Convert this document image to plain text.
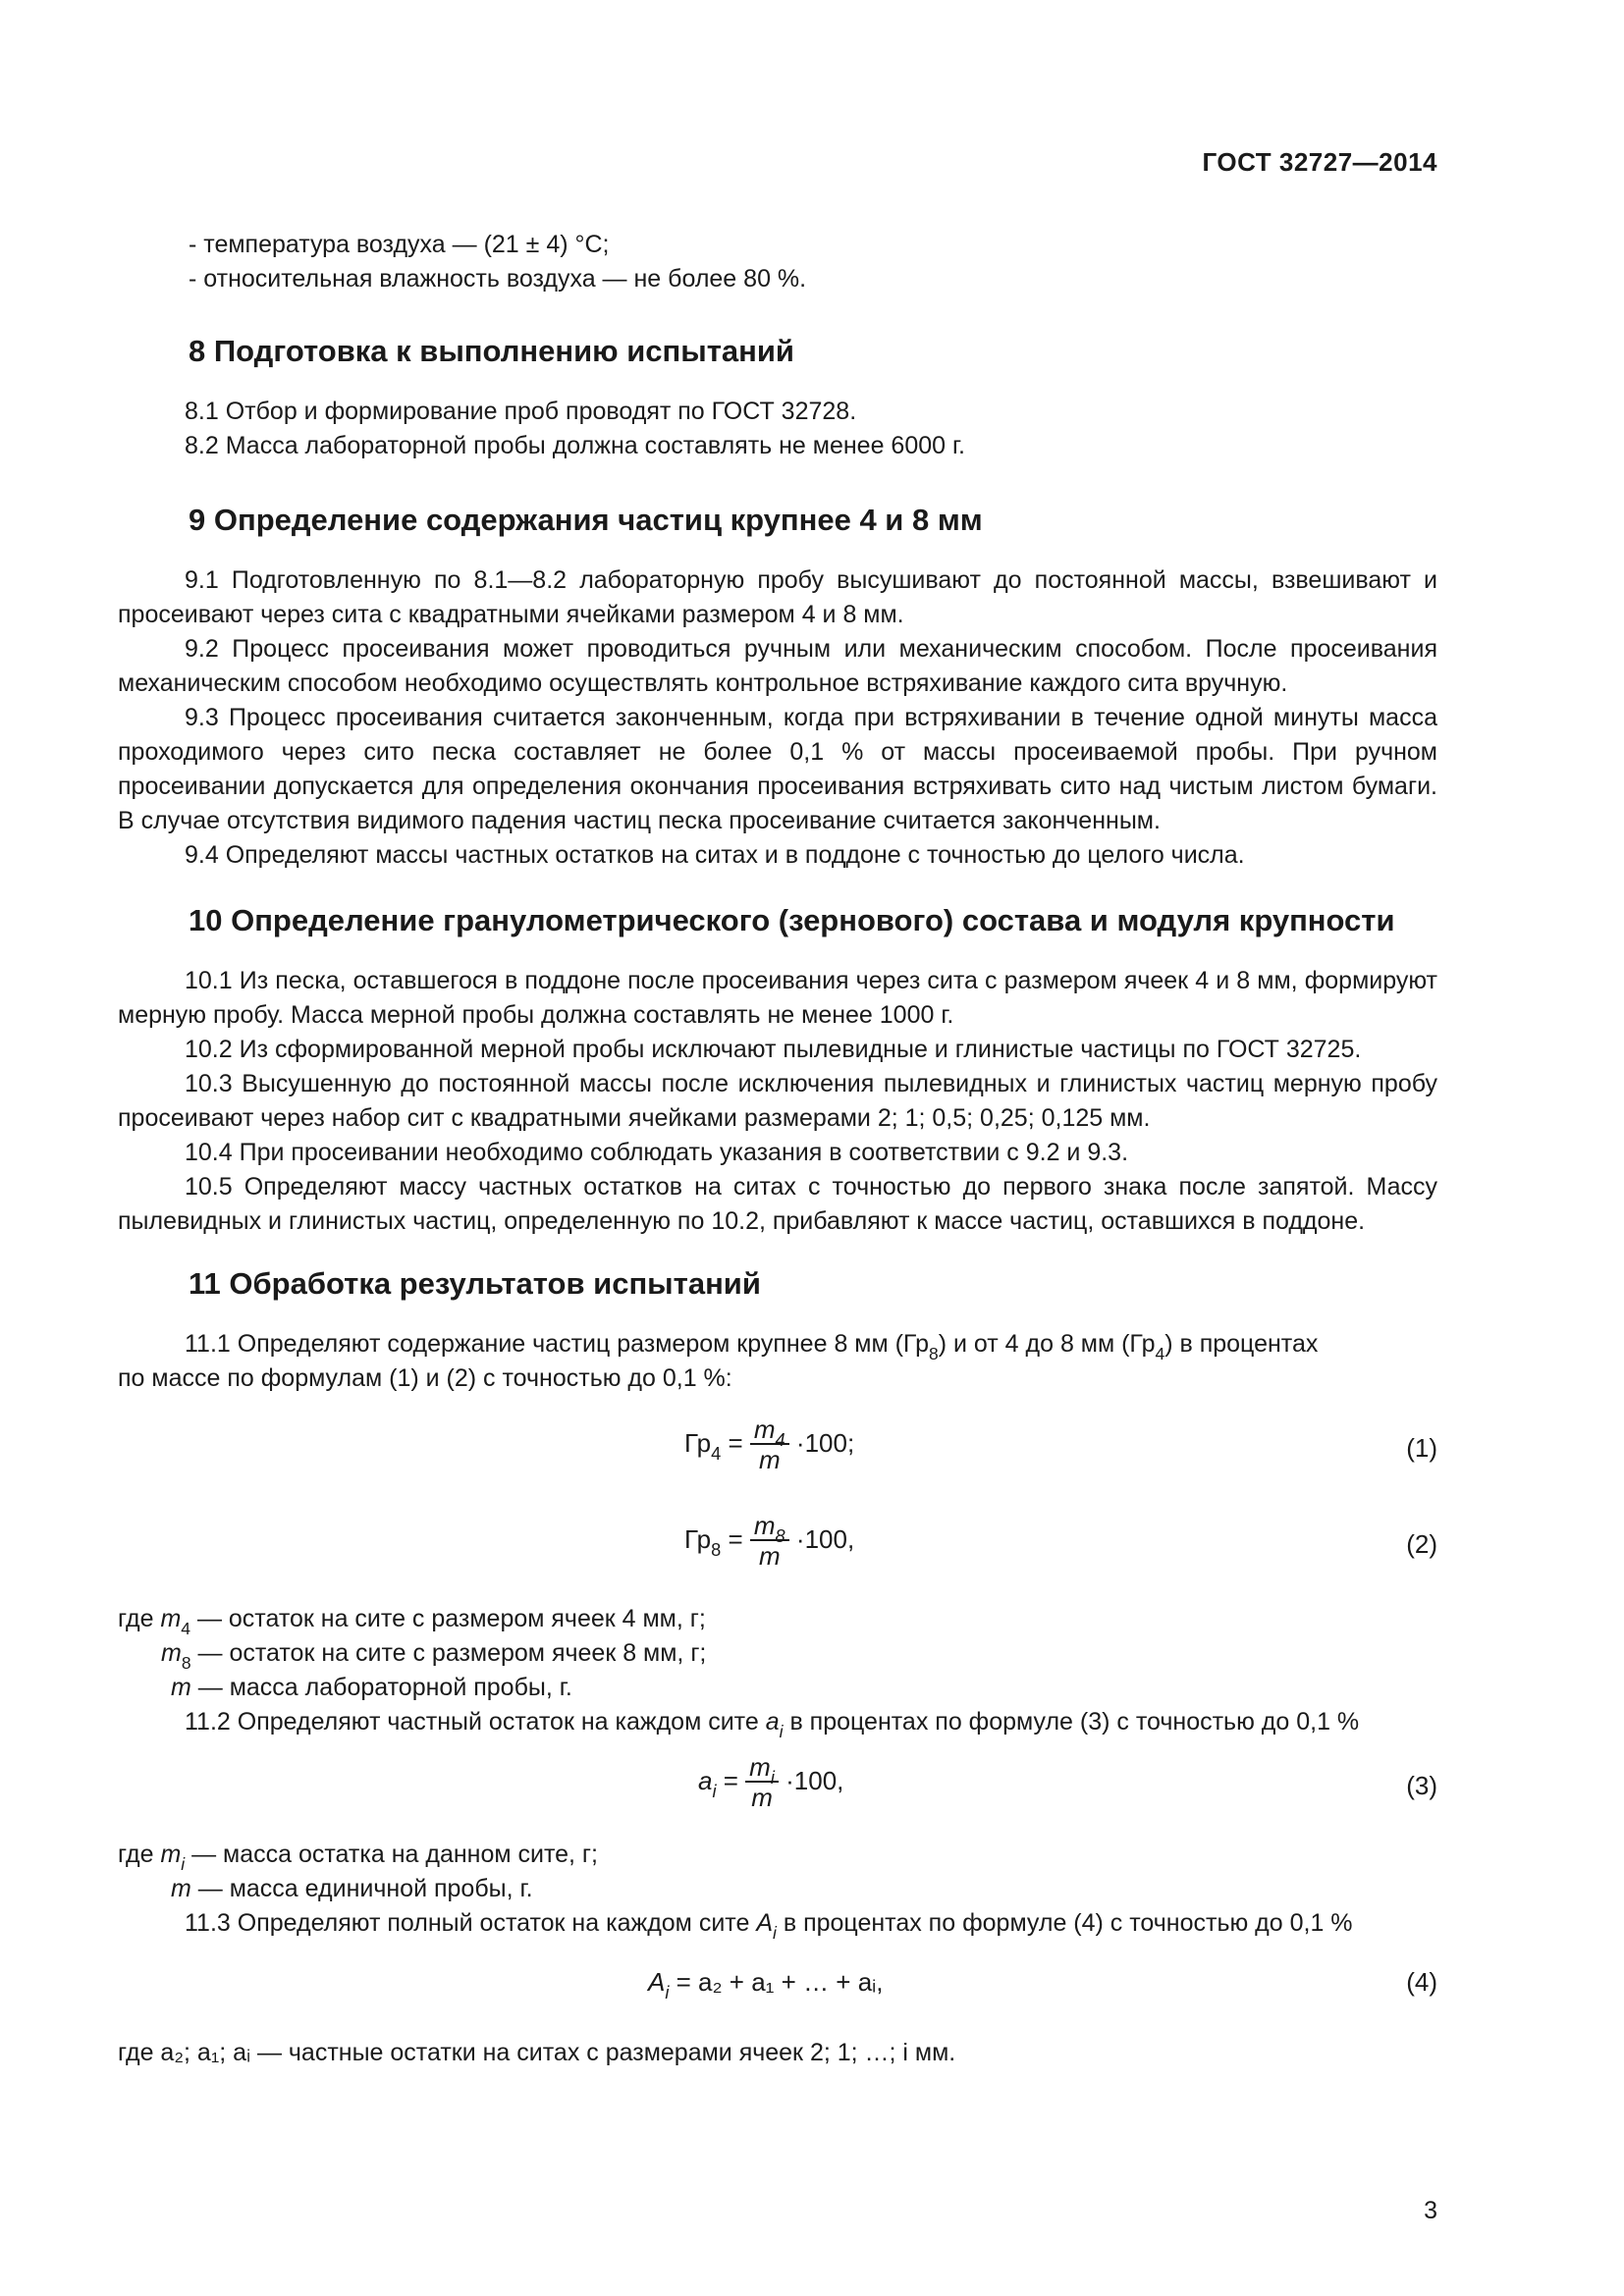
ГОСТ 32727—2014

- температура воздуха — (21 ± 4) °C;

- относительная влажность воздуха — не более 80 %.

8 Подготовка к выполнению испытаний

8.1 Отбор и формирование проб проводят по ГОСТ 32728.

8.2 Масса лабораторной пробы должна составлять не менее 6000 г.

9 Определение содержания частиц крупнее 4 и 8 мм

9.1 Подготовленную по 8.1—8.2 лабораторную пробу высушивают до постоянной массы, взвешивают и просеивают через сита с квадратными ячейками размером 4 и 8 мм.

9.2 Процесс просеивания может проводиться ручным или механическим способом. После просеивания механическим способом необходимо осуществлять контрольное встряхивание каждого сита вручную.

9.3 Процесс просеивания считается законченным, когда при встряхивании в течение одной минуты масса проходимого через сито песка составляет не более 0,1 % от массы просеиваемой пробы. При ручном просеивании допускается для определения окончания просеивания встряхивать сито над чистым листом бумаги. В случае отсутствия видимого падения частиц песка просеивание считается законченным.

9.4 Определяют массы частных остатков на ситах и в поддоне с точностью до целого числа.

10 Определение гранулометрического (зернового) состава и модуля крупности

10.1 Из песка, оставшегося в поддоне после просеивания через сита с размером ячеек 4 и 8 мм, формируют мерную пробу. Масса мерной пробы должна составлять не менее 1000 г.

10.2 Из сформированной мерной пробы исключают пылевидные и глинистые частицы по ГОСТ 32725.

10.3 Высушенную до постоянной массы после исключения пылевидных и глинистых частиц мерную пробу просеивают через набор сит с квадратными ячейками размерами 2; 1; 0,5; 0,25; 0,125 мм.

10.4 При просеивании необходимо соблюдать указания в соответствии с 9.2 и 9.3.

10.5 Определяют массу частных остатков на ситах с точностью до первого знака после запятой. Массу пылевидных и глинистых частиц, определенную по 10.2, прибавляют к массе частиц, оставшихся в поддоне.

11 Обработка результатов испытаний

11.1 Определяют содержание частиц размером крупнее 8 мм $(Гр_8)$ и от 4 до 8 мм $(Гр_4)$ в процентах

по массе по формулам (1) и (2) с точностью до 0,1 %:

$Гр_4 = \frac{m_4}{m} \cdot 100$;	(1)
$Гр_8 = \frac{m_8}{m} \cdot 100$,	(2)

где $m_4$ — остаток на сите с размером ячеек 4 мм, г;

$m_8$ — остаток на сите с размером ячеек 8 мм, г;

m — масса лабораторной пробы, г.

11.2 Определяют частный остаток на каждом сите $a_i$ в процентах по формуле (3) с точностью до 0,1 %

$a_i = \frac{m_i}{m} \cdot 100$,	(3)

где $m_i$ — масса остатка на данном сите, г;

m — масса единичной пробы, г.

11.3 Определяют полный остаток на каждом сите $A_i$ в процентах по формуле (4) с точностью до 0,1 %

$A_i = a_2 + a_1$ + … + aᵢ,	(4)

где a₂; a₁; aᵢ — частные остатки на ситах с размерами ячеек 2; 1; …; i мм.

3
